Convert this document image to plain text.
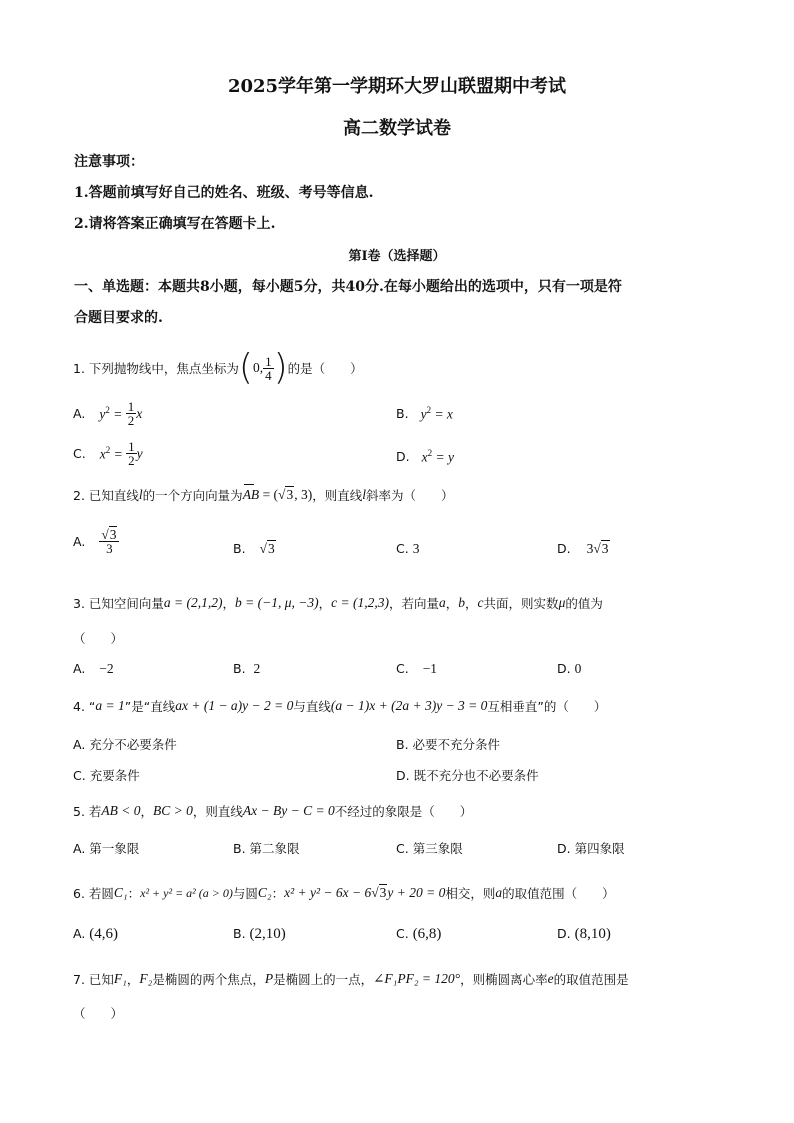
2025学年第一学期环大罗山联盟期中考试
高二数学试卷
注意事项：
1.答题前填写好自己的姓名、班级、考号等信息.
2.请将答案正确填写在答题卡上.
第Ⅰ卷（选择题）
一、单选题：本题共8小题，每小题5分，共40分.在每小题给出的选项中，只有一项是符
合题目要求的.
1. 下列抛物线中，焦点坐标为 ( 0 , $\frac{1}{4}$ ) 的是（　　）
A. $y^2 = \frac{1}{2}$ x	B. $y^2 = x$
C. $x^2 = \frac{1}{2}$ y	D. $x^2 = y$
2. 已知直线 l 的一个方向向量为 AB = (√3, 3) ，则直线 l 斜率为（　　）
A. $\frac{√3}{3}$	B. √3	C. 3	D. 3√3
3. 已知空间向量 a = (2,1,2) ， b = (−1, μ, −3) ， c = (1,2,3) ，若向量 a ， b ， c 共面，则实数 μ 的值为
（　　）
A. −2	B. 2	C. −1	D. 0
4. “ a = 1 ”是“直线 ax + (1 − a)y − 2 = 0 与直线 (a − 1)x + (2a + 3)y − 3 = 0 互相垂直”的（　　）
A. 充分不必要条件	B. 必要不充分条件
C. 充要条件	D. 既不充分也不必要条件
5. 若 AB < 0 ， BC > 0 ，则直线 Ax − By − C = 0 不经过的象限是（　　）
A. 第一象限	B. 第二象限	C. 第三象限	D. 第四象限
6. 若圆 C₁ ： x² + y² = a² (a > 0) 与圆 C₂ ： x² + y² − 6x − 6 √3 y + 20 = 0 相交，则 a 的取值范围（　　）
A. (4,6)	B. (2,10)	C. (6,8)	D. (8,10)
7. 已知 F₁ ， F₂ 是椭圆的两个焦点， P 是椭圆上的一点， ∠F₁PF₂ = 120° ，则椭圆离心率 e 的取值范围是
（　　）
